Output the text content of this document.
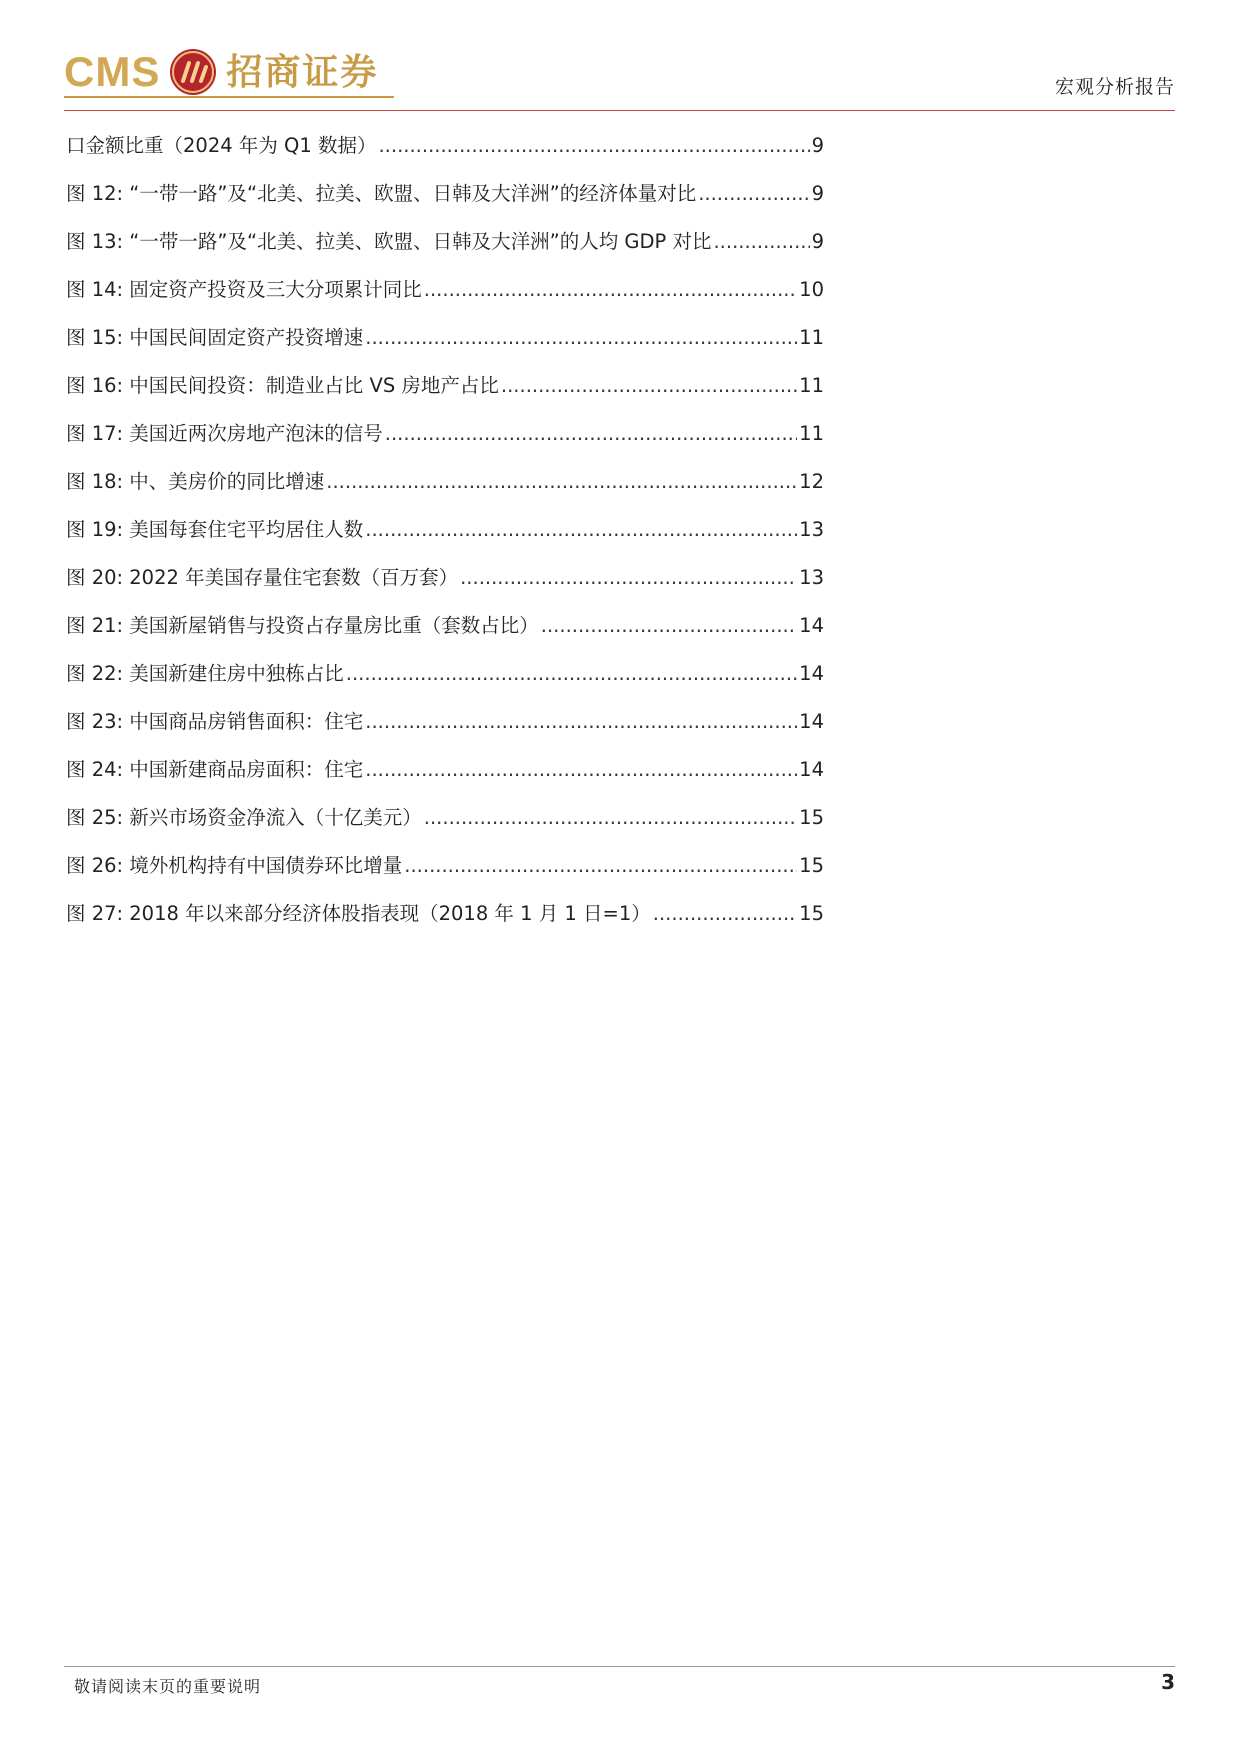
CMS 招商证券	宏观分析报告
口金额比重（2024 年为 Q1 数据） .....	9
图 12: “一带一路”及“北美、拉美、欧盟、日韩及大洋洲”的经济体量对比 .....	9
图 13: “一带一路”及“北美、拉美、欧盟、日韩及大洋洲”的人均 GDP 对比 .....	9
图 14: 固定资产投资及三大分项累计同比 .....	10
图 15: 中国民间固定资产投资增速 .....	11
图 16: 中国民间投资：制造业占比 VS 房地产占比 .....	11
图 17: 美国近两次房地产泡沫的信号 .....	11
图 18: 中、美房价的同比增速 .....	12
图 19: 美国每套住宅平均居住人数 .....	13
图 20: 2022 年美国存量住宅套数（百万套） .....	13
图 21: 美国新屋销售与投资占存量房比重（套数占比） .....	14
图 22: 美国新建住房中独栋占比 .....	14
图 23: 中国商品房销售面积：住宅 .....	14
图 24: 中国新建商品房面积：住宅 .....	14
图 25: 新兴市场资金净流入（十亿美元） .....	15
图 26: 境外机构持有中国债券环比增量 .....	15
图 27: 2018 年以来部分经济体股指表现（2018 年 1 月 1 日=1） .....	15
敬请阅读末页的重要说明	3
